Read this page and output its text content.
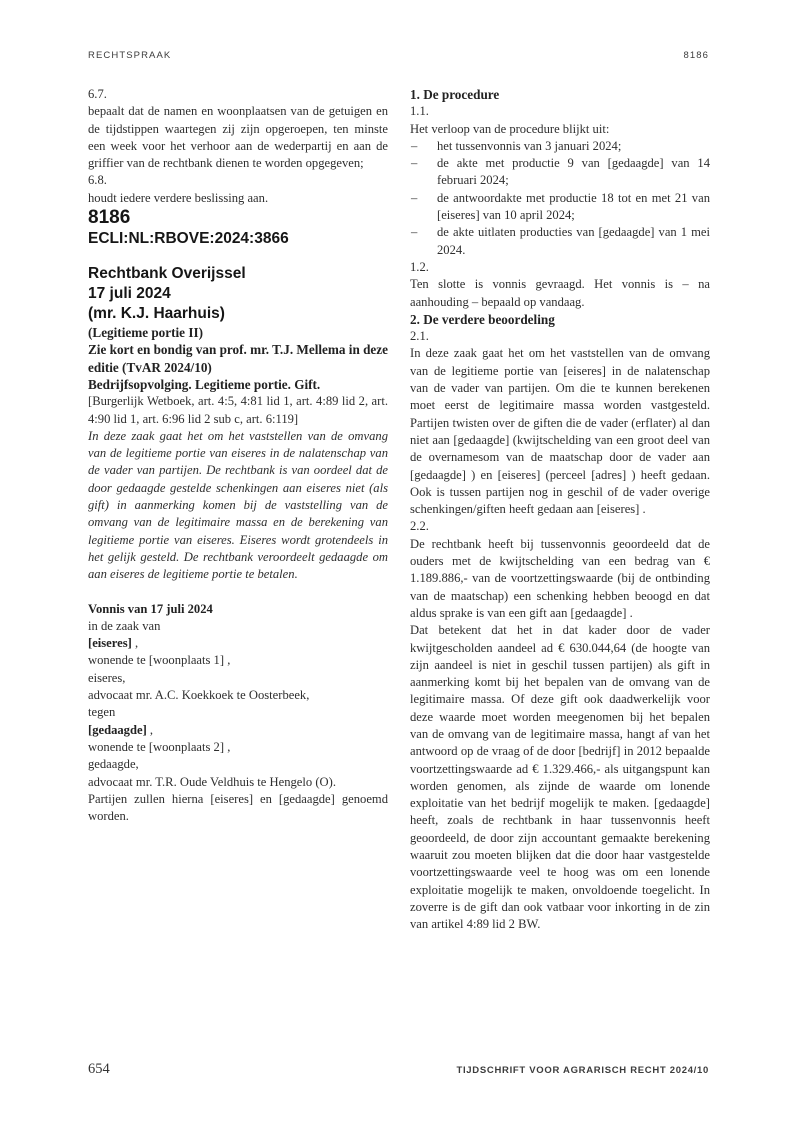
RECHTSPRAAK	8186

6.7.

bepaalt dat de namen en woonplaatsen van de getuigen en de tijdstippen waartegen zij zijn opgeroepen, ten minste een week voor het verhoor aan de wederpartij en aan de griffier van de rechtbank dienen te worden opgegeven;

6.8.

houdt iedere verdere beslissing aan.

8186

ECLI:NL:RBOVE:2024:3866

Rechtbank Overijssel

17 juli 2024

(mr. K.J. Haarhuis)

(Legitieme portie II)

Zie kort en bondig van prof. mr. T.J. Mellema in deze editie (TvAR 2024/10)

Bedrijfsopvolging. Legitieme portie. Gift.

[Burgerlijk Wetboek, art. 4:5, 4:81 lid 1, art. 4:89 lid 2, art. 4:90 lid 1, art. 6:96 lid 2 sub c, art. 6:119]

In deze zaak gaat het om het vaststellen van de omvang van de legitieme portie van eiseres in de nalatenschap van de vader van partijen. De rechtbank is van oordeel dat de door gedaagde gestelde schenkingen aan eiseres niet (als gift) in aanmerking komen bij de vaststelling van de omvang van de legitimaire massa en de berekening van legitieme portie van eiseres. Eiseres wordt grotendeels in het gelijk gesteld. De rechtbank veroordeelt gedaagde om aan eiseres de legitieme portie te betalen.

Vonnis van 17 juli 2024

in de zaak van

[eiseres] ,

wonende te [woonplaats 1] ,

eiseres,

advocaat mr. A.C. Koekkoek te Oosterbeek,

tegen

[gedaagde] ,

wonende te [woonplaats 2] ,

gedaagde,

advocaat mr. T.R. Oude Veldhuis te Hengelo (O).

Partijen zullen hierna [eiseres] en [gedaagde] genoemd worden.

1. De procedure

1.1.

Het verloop van de procedure blijkt uit:

– het tussenvonnis van 3 januari 2024;
– de akte met productie 9 van [gedaagde] van 14 februari 2024;
– de antwoordakte met productie 18 tot en met 21 van [eiseres] van 10 april 2024;
– de akte uitlaten producties van [gedaagde] van 1 mei 2024.

1.2.

Ten slotte is vonnis gevraagd. Het vonnis is – na aanhouding – bepaald op vandaag.

2. De verdere beoordeling

2.1.

In deze zaak gaat het om het vaststellen van de omvang van de legitieme portie van [eiseres] in de nalatenschap van de vader van partijen. Om die te kunnen berekenen moet eerst de legitimaire massa worden vastgesteld. Partijen twisten over de giften die de vader (erflater) al dan niet aan [gedaagde] (kwijtschelding van een groot deel van de overnamesom van de maatschap door de vader aan [gedaagde] ) en [eiseres] (perceel [adres] ) heeft gedaan. Ook is tussen partijen nog in geschil of de vader overige schenkingen/giften heeft gedaan aan [eiseres] .

2.2.

De rechtbank heeft bij tussenvonnis geoordeeld dat de ouders met de kwijtschelding van een bedrag van € 1.189.886,- van de voortzettingswaarde (bij de ontbinding van de maatschap) een schenking hebben beoogd en dat aldus sprake is van een gift aan [gedaagde] .

Dat betekent dat het in dat kader door de vader kwijtgescholden aandeel ad € 630.044,64 (de hoogte van zijn aandeel is niet in geschil tussen partijen) als gift in aanmerking komt bij het bepalen van de omvang van de legitimaire massa. Of deze gift ook daadwerkelijk voor deze waarde moet worden meegenomen bij het bepalen van de omvang van de legitimaire massa, hangt af van het antwoord op de vraag of de door [bedrijf] in 2012 bepaalde voortzettingswaarde ad € 1.329.466,- als uitgangspunt kan worden genomen, als zijnde de waarde om lonende exploitatie van het bedrijf mogelijk te maken. [gedaagde] heeft, zoals de rechtbank in haar tussenvonnis heeft geoordeeld, de door zijn accountant gemaakte berekening waaruit zou moeten blijken dat die door haar vastgestelde voortzettingswaarde veel te hoog was om een lonende exploitatie mogelijk te maken, onvoldoende toegelicht. In zoverre is de gift dan ook vatbaar voor inkorting in de zin van artikel 4:89 lid 2 BW.

654	TIJDSCHRIFT VOOR AGRARISCH RECHT 2024/10
